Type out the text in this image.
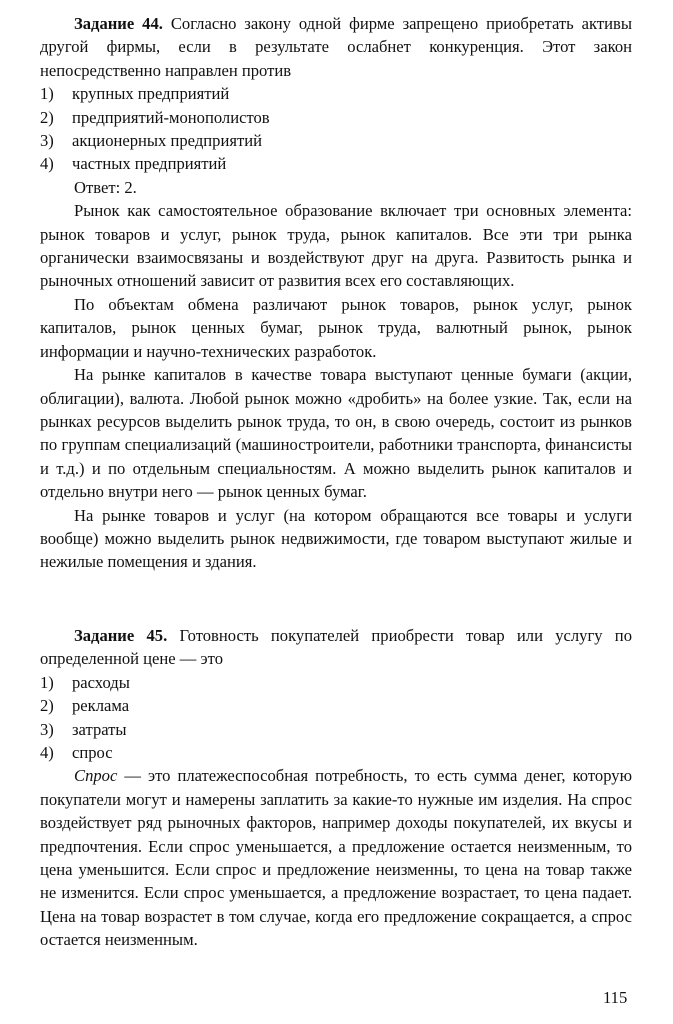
Задание 44. Согласно закону одной фирме запрещено приобретать активы другой фирмы, если в результате ослабнет конкуренция. Этот закон непосредственно направлен против

1) крупных предприятий

2) предприятий-монополистов

3) акционерных предприятий

4) частных предприятий

Ответ: 2.

Рынок как самостоятельное образование включает три основных элемента: рынок товаров и услуг, рынок труда, рынок капиталов. Все эти три рынка органически взаимосвязаны и воздействуют друг на друга. Развитость рынка и рыночных отношений зависит от развития всех его составляющих.

По объектам обмена различают рынок товаров, рынок услуг, рынок капиталов, рынок ценных бумаг, рынок труда, валютный рынок, рынок информации и научно-технических разработок.

На рынке капиталов в качестве товара выступают ценные бумаги (акции, облигации), валюта. Любой рынок можно «дробить» на более узкие. Так, если на рынках ресурсов выделить рынок труда, то он, в свою очередь, состоит из рынков по группам специализаций (машиностроители, работники транспорта, финансисты и т.д.) и по отдельным специальностям. А можно выделить рынок капиталов и отдельно внутри него — рынок ценных бумаг.

На рынке товаров и услуг (на котором обращаются все товары и услуги вообще) можно выделить рынок недвижимости, где товаром выступают жилые и нежилые помещения и здания.

Задание 45. Готовность покупателей приобрести товар или услугу по определенной цене — это

1) расходы

2) реклама

3) затраты

4) спрос

Спрос — это платежеспособная потребность, то есть сумма денег, которую покупатели могут и намерены заплатить за какие-то нужные им изделия. На спрос воздействует ряд рыночных факторов, например доходы покупателей, их вкусы и предпочтения. Если спрос уменьшается, а предложение остается неизменным, то цена уменьшится. Если спрос и предложение неизменны, то цена на товар также не изменится. Если спрос уменьшается, а предложение возрастает, то цена падает. Цена на товар возрастет в том случае, когда его предложение сокращается, а спрос остается неизменным.

115
